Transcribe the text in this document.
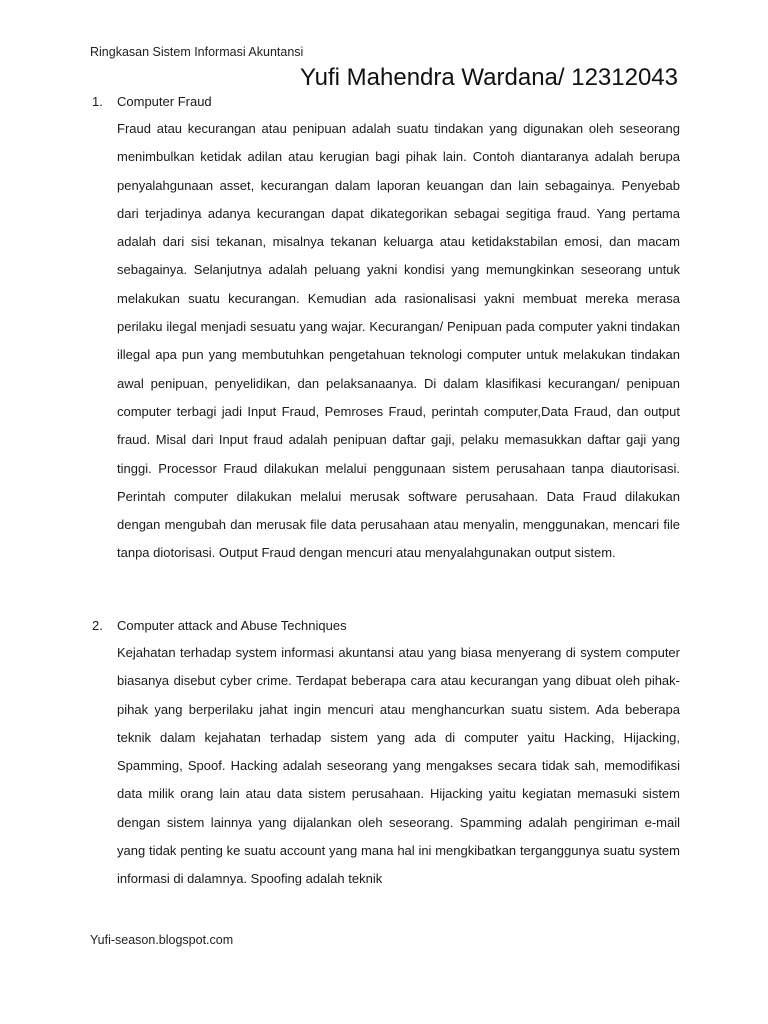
Ringkasan Sistem Informasi Akuntansi
Yufi Mahendra Wardana/ 12312043
1.	Computer Fraud

Fraud atau kecurangan atau penipuan adalah suatu tindakan yang digunakan oleh seseorang menimbulkan ketidak adilan atau kerugian bagi pihak lain. Contoh diantaranya adalah berupa penyalahgunaan asset, kecurangan dalam laporan keuangan dan lain sebagainya. Penyebab dari terjadinya adanya kecurangan dapat dikategorikan sebagai segitiga fraud. Yang pertama adalah dari sisi tekanan, misalnya tekanan keluarga atau ketidakstabilan emosi, dan macam sebagainya. Selanjutnya adalah peluang yakni kondisi yang memungkinkan seseorang untuk melakukan suatu kecurangan. Kemudian ada rasionalisasi yakni membuat mereka merasa perilaku ilegal menjadi sesuatu yang wajar. Kecurangan/ Penipuan pada computer yakni tindakan illegal apa pun yang membutuhkan pengetahuan teknologi computer untuk melakukan tindakan awal penipuan, penyelidikan, dan pelaksanaanya. Di dalam klasifikasi kecurangan/ penipuan computer terbagi jadi Input Fraud, Pemroses Fraud, perintah computer,Data Fraud, dan output fraud. Misal dari Input fraud adalah penipuan daftar gaji, pelaku memasukkan daftar gaji yang tinggi. Processor Fraud dilakukan melalui penggunaan sistem perusahaan tanpa diautorisasi. Perintah computer dilakukan melalui merusak software perusahaan. Data Fraud dilakukan dengan mengubah dan merusak file data perusahaan atau menyalin, menggunakan, mencari file tanpa diotorisasi. Output Fraud dengan mencuri atau menyalahgunakan output sistem.

2.	Computer attack and Abuse Techniques

Kejahatan terhadap system informasi akuntansi atau yang biasa menyerang di system computer biasanya disebut cyber crime. Terdapat beberapa cara atau kecurangan yang dibuat oleh pihak-pihak yang berperilaku jahat ingin mencuri atau menghancurkan suatu sistem. Ada beberapa teknik dalam kejahatan terhadap sistem yang ada di computer yaitu Hacking, Hijacking, Spamming, Spoof. Hacking adalah seseorang yang mengakses secara tidak sah, memodifikasi data milik orang lain atau data sistem perusahaan. Hijacking yaitu kegiatan memasuki sistem dengan sistem lainnya yang dijalankan oleh seseorang. Spamming adalah pengiriman e-mail yang tidak penting ke suatu account yang mana hal ini mengkibatkan terganggunya suatu system informasi di dalamnya. Spoofing adalah teknik

Yufi-season.blogspot.com
